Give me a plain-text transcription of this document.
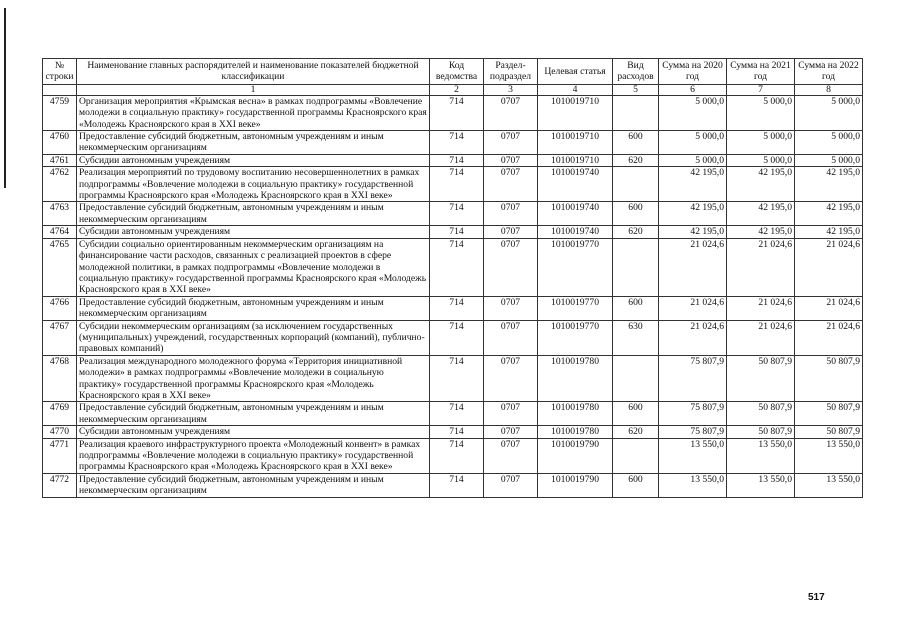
№ строки	Наименование главных распорядителей и наименование показателей бюджетной классификации	Код ведомства	Раздел-подраздел	Целевая статья	Вид расходов	Сумма на 2020 год	Сумма на 2021 год	Сумма на 2022 год
	1	2	3	4	5	6	7	8
4759	Организация мероприятия «Крымская весна» в рамках подпрограммы «Вовлечение молодежи в социальную практику» государственной программы Красноярского края «Молодежь Красноярского края в XXI веке»	714	0707	1010019710		5 000,0	5 000,0	5 000,0
4760	Предоставление субсидий бюджетным, автономным учреждениям и иным некоммерческим организациям	714	0707	1010019710	600	5 000,0	5 000,0	5 000,0
4761	Субсидии автономным учреждениям	714	0707	1010019710	620	5 000,0	5 000,0	5 000,0
4762	Реализация мероприятий по трудовому воспитанию несовершеннолетних в рамках подпрограммы «Вовлечение молодежи в социальную практику» государственной программы Красноярского края «Молодежь Красноярского края в XXI веке»	714	0707	1010019740		42 195,0	42 195,0	42 195,0
4763	Предоставление субсидий бюджетным, автономным учреждениям и иным некоммерческим организациям	714	0707	1010019740	600	42 195,0	42 195,0	42 195,0
4764	Субсидии автономным учреждениям	714	0707	1010019740	620	42 195,0	42 195,0	42 195,0
4765	Субсидии социально ориентированным некоммерческим организациям на финансирование части расходов, связанных с реализацией проектов в сфере молодежной политики, в рамках подпрограммы «Вовлечение молодежи в социальную практику» государственной программы Красноярского края «Молодежь Красноярского края в XXI веке»	714	0707	1010019770		21 024,6	21 024,6	21 024,6
4766	Предоставление субсидий бюджетным, автономным учреждениям и иным некоммерческим организациям	714	0707	1010019770	600	21 024,6	21 024,6	21 024,6
4767	Субсидии некоммерческим организациям (за исключением государственных (муниципальных) учреждений, государственных корпораций (компаний), публично-правовых компаний)	714	0707	1010019770	630	21 024,6	21 024,6	21 024,6
4768	Реализация международного молодежного форума «Территория инициативной молодежи» в рамках подпрограммы «Вовлечение молодежи в социальную практику» государственной программы Красноярского края «Молодежь Красноярского края в XXI веке»	714	0707	1010019780		75 807,9	50 807,9	50 807,9
4769	Предоставление субсидий бюджетным, автономным учреждениям и иным некоммерческим организациям	714	0707	1010019780	600	75 807,9	50 807,9	50 807,9
4770	Субсидии автономным учреждениям	714	0707	1010019780	620	75 807,9	50 807,9	50 807,9
4771	Реализация краевого инфраструктурного проекта «Молодежный конвент» в рамках подпрограммы «Вовлечение молодежи в социальную практику» государственной программы Красноярского края «Молодежь Красноярского края в XXI веке»	714	0707	1010019790		13 550,0	13 550,0	13 550,0
4772	Предоставление субсидий бюджетным, автономным учреждениям и иным некоммерческим организациям	714	0707	1010019790	600	13 550,0	13 550,0	13 550,0
517
